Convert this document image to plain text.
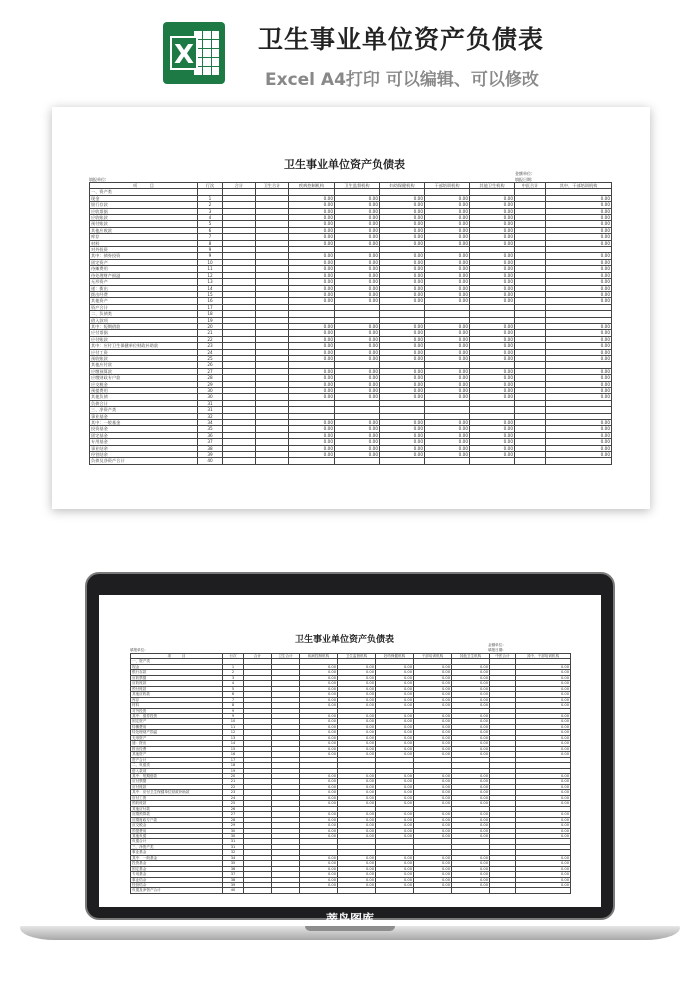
X
卫生事业单位资产负债表
Excel A4打印 可以编辑、可以修改
卫生事业单位资产负债表
填报单位:
金额单位:
填报日期:
项　　　目	行次	合计	卫生合计	疾病控制机构	卫生监督机构	妇幼保健机构	干部培训机构	其他卫生机构	中医合计	其中、干部培训机构
一、资产类										
现金	1			0.00	0.00	0.00	0.00	0.00		0.00
银行存款	2			0.00	0.00	0.00	0.00	0.00		0.00
应收票据	3			0.00	0.00	0.00	0.00	0.00		0.00
应收账款	4			0.00	0.00	0.00	0.00	0.00		0.00
预付账款	5			0.00	0.00	0.00	0.00	0.00		0.00
其他应收款	6			0.00	0.00	0.00	0.00	0.00		0.00
库存	7			0.00	0.00	0.00	0.00	0.00		0.00
材料	8			0.00	0.00	0.00	0.00	0.00		0.00
对外投资	9									
其中：债券投资	9			0.00	0.00	0.00	0.00	0.00		0.00
固定资产	10			0.00	0.00	0.00	0.00	0.00		0.00
待摊费用	11			0.00	0.00	0.00	0.00	0.00		0.00
待处理财产损溢	12			0.00	0.00	0.00	0.00	0.00		0.00
无形资产	13			0.00	0.00	0.00	0.00	0.00		0.00
递：拨出	14			0.00	0.00	0.00	0.00	0.00		0.00
拨出经费	15			0.00	0.00	0.00	0.00	0.00		0.00
其他资产	16			0.00	0.00	0.00	0.00	0.00		0.00
资产合计	17									
二、负债类	18									
借入款项	19									
其中：短期借款	20			0.00	0.00	0.00	0.00	0.00		0.00
应付票据	21			0.00	0.00	0.00	0.00	0.00		0.00
应付账款	22			0.00	0.00	0.00	0.00	0.00		0.00
其中：应付卫生保健单位财政补助款	23			0.00	0.00	0.00	0.00	0.00		0.00
应付工资	24			0.00	0.00	0.00	0.00	0.00		0.00
预收账款	25			0.00	0.00	0.00	0.00	0.00		0.00
其他应付款	26									
应缴预算款	27			0.00	0.00	0.00	0.00	0.00		0.00
应缴财政专户款	28			0.00	0.00	0.00	0.00	0.00		0.00
应交税金	29			0.00	0.00	0.00	0.00	0.00		0.00
预提费用	30			0.00	0.00	0.00	0.00	0.00		0.00
其他负债	30			0.00	0.00	0.00	0.00	0.00		0.00
负债合计	31									
三、净资产类	31									
事业基金	32									
其中：一般基金	34			0.00	0.00	0.00	0.00	0.00		0.00
投资基金	35			0.00	0.00	0.00	0.00	0.00		0.00
固定基金	36			0.00	0.00	0.00	0.00	0.00		0.00
专用基金	37			0.00	0.00	0.00	0.00	0.00		0.00
事业结余	38			0.00	0.00	0.00	0.00	0.00		0.00
经营结余	39			0.00	0.00	0.00	0.00	0.00		0.00
负债及净资产合计	40									
卫生事业单位资产负债表
填报单位:
金额单位:
填报日期:
项　　　目	行次	合计	卫生合计	疾病控制机构	卫生监督机构	妇幼保健机构	干部培训机构	其他卫生机构	中医合计	其中、干部培训机构
一、资产类										
现金	1			0.00	0.00	0.00	0.00	0.00		0.00
银行存款	2			0.00	0.00	0.00	0.00	0.00		0.00
应收票据	3			0.00	0.00	0.00	0.00	0.00		0.00
应收账款	4			0.00	0.00	0.00	0.00	0.00		0.00
预付账款	5			0.00	0.00	0.00	0.00	0.00		0.00
其他应收款	6			0.00	0.00	0.00	0.00	0.00		0.00
库存	7			0.00	0.00	0.00	0.00	0.00		0.00
材料	8			0.00	0.00	0.00	0.00	0.00		0.00
对外投资	9									
其中：债券投资	9			0.00	0.00	0.00	0.00	0.00		0.00
固定资产	10			0.00	0.00	0.00	0.00	0.00		0.00
待摊费用	11			0.00	0.00	0.00	0.00	0.00		0.00
待处理财产损溢	12			0.00	0.00	0.00	0.00	0.00		0.00
无形资产	13			0.00	0.00	0.00	0.00	0.00		0.00
递：拨出	14			0.00	0.00	0.00	0.00	0.00		0.00
拨出经费	15			0.00	0.00	0.00	0.00	0.00		0.00
其他资产	16			0.00	0.00	0.00	0.00	0.00		0.00
资产合计	17									
二、负债类	18									
借入款项	19									
其中：短期借款	20			0.00	0.00	0.00	0.00	0.00		0.00
应付票据	21			0.00	0.00	0.00	0.00	0.00		0.00
应付账款	22			0.00	0.00	0.00	0.00	0.00		0.00
其中：应付卫生保健单位财政补助款	23			0.00	0.00	0.00	0.00	0.00		0.00
应付工资	24			0.00	0.00	0.00	0.00	0.00		0.00
预收账款	25			0.00	0.00	0.00	0.00	0.00		0.00
其他应付款	26									
应缴预算款	27			0.00	0.00	0.00	0.00	0.00		0.00
应缴财政专户款	28			0.00	0.00	0.00	0.00	0.00		0.00
应交税金	29			0.00	0.00	0.00	0.00	0.00		0.00
预提费用	30			0.00	0.00	0.00	0.00	0.00		0.00
其他负债	30			0.00	0.00	0.00	0.00	0.00		0.00
负债合计	31									
三、净资产类	31									
事业基金	32									
其中：一般基金	34			0.00	0.00	0.00	0.00	0.00		0.00
投资基金	35			0.00	0.00	0.00	0.00	0.00		0.00
固定基金	36			0.00	0.00	0.00	0.00	0.00		0.00
专用基金	37			0.00	0.00	0.00	0.00	0.00		0.00
事业结余	38			0.00	0.00	0.00	0.00	0.00		0.00
经营结余	39			0.00	0.00	0.00	0.00	0.00		0.00
负债及净资产合计	40									
蒂鸟图库
